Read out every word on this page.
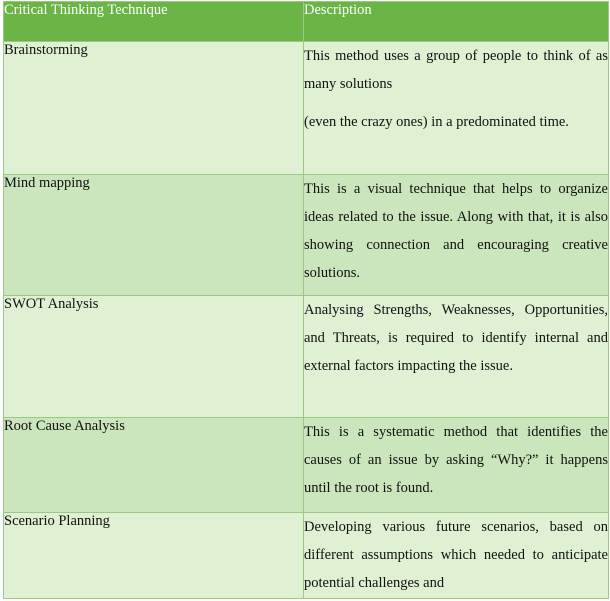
Critical Thinking Technique	Description
Brainstorming	This method uses a group of people to think of as many solutions

(even the crazy ones) in a predominated time.

Mind mapping	This is a visual technique that helps to organize ideas related to the issue. Along with that, it is also showing connection and encouraging creative solutions.

SWOT Analysis	Analysing Strengths, Weaknesses, Opportunities, and Threats, is required to identify internal and external factors impacting the issue.

Root Cause Analysis	This is a systematic method that identifies the causes of an issue by asking “Why?” it happens until the root is found.

Scenario Planning	Developing various future scenarios, based on different assumptions which needed to anticipate potential challenges and
